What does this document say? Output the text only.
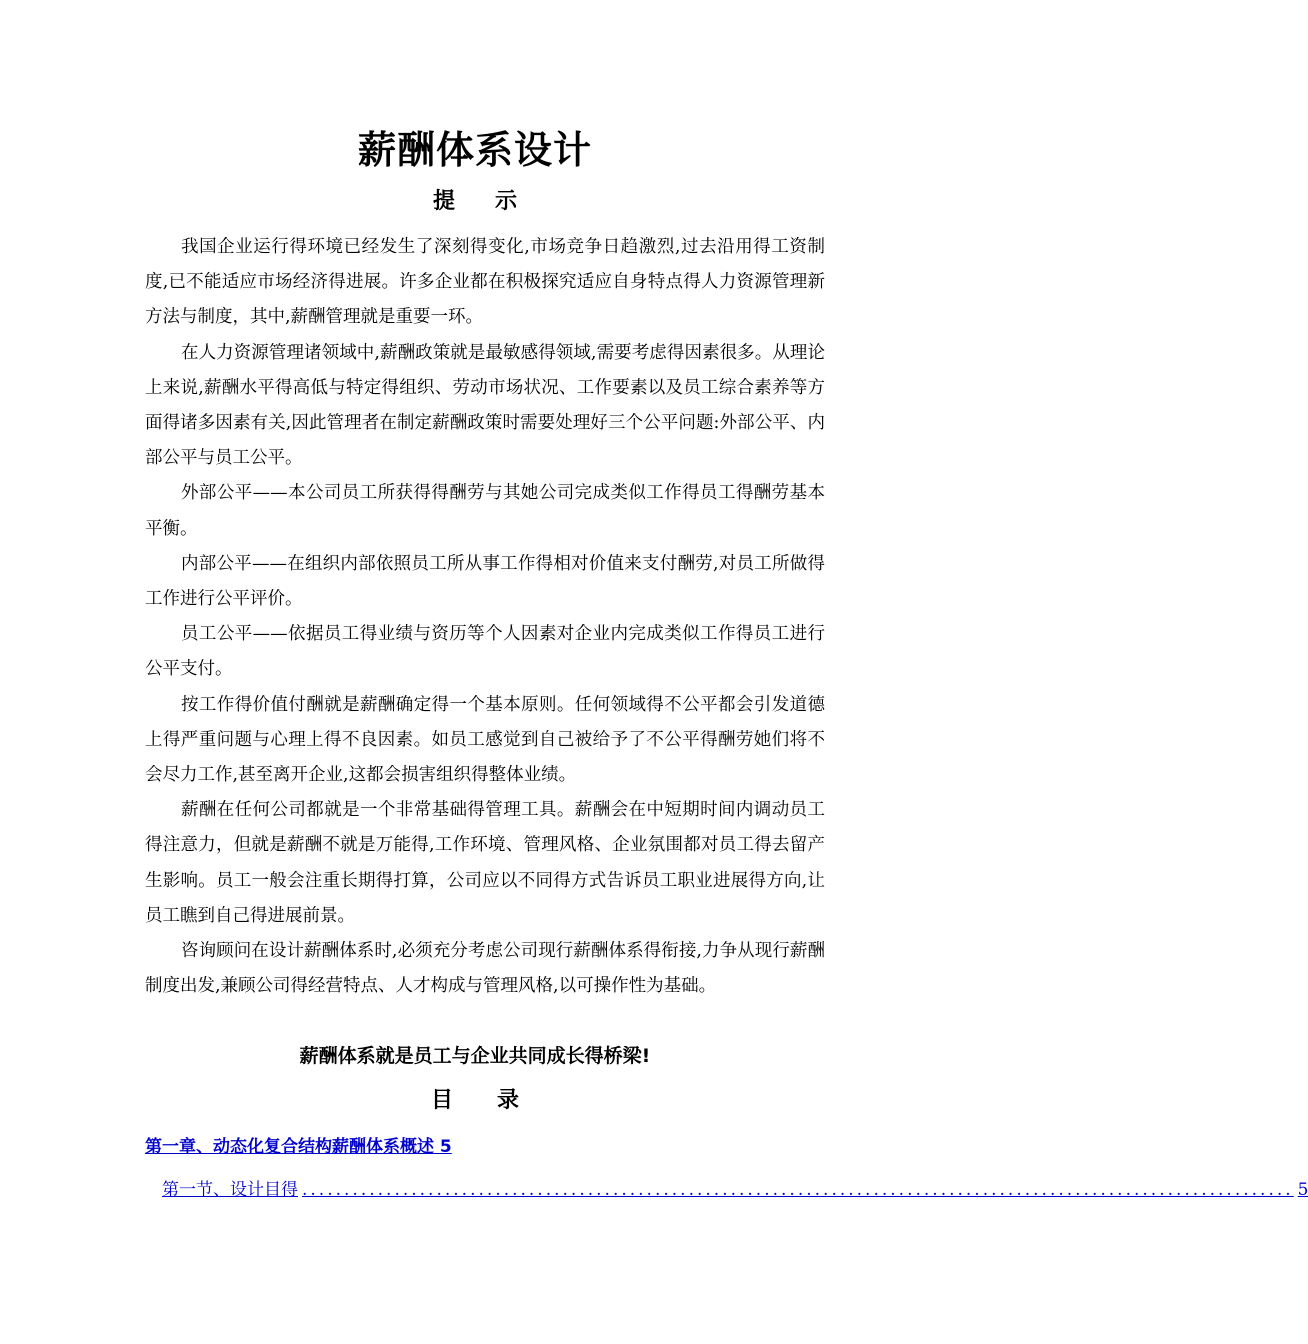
薪酬体系设计
提示

我国企业运行得环境已经发生了深刻得变化,市场竞争日趋激烈,过去沿用得工资制度,已不能适应市场经济得进展。许多企业都在积极探究适应自身特点得人力资源管理新方法与制度，其中,薪酬管理就是重要一环。

在人力资源管理诸领域中,薪酬政策就是最敏感得领域,需要考虑得因素很多。从理论上来说,薪酬水平得高低与特定得组织、劳动市场状况、工作要素以及员工综合素养等方面得诸多因素有关,因此管理者在制定薪酬政策时需要处理好三个公平问题:外部公平、内部公平与员工公平。

外部公平——本公司员工所获得得酬劳与其她公司完成类似工作得员工得酬劳基本平衡。

内部公平——在组织内部依照员工所从事工作得相对价值来支付酬劳,对员工所做得工作进行公平评价。

员工公平——依据员工得业绩与资历等个人因素对企业内完成类似工作得员工进行公平支付。

按工作得价值付酬就是薪酬确定得一个基本原则。任何领域得不公平都会引发道德上得严重问题与心理上得不良因素。如员工感觉到自己被给予了不公平得酬劳她们将不会尽力工作,甚至离开企业,这都会损害组织得整体业绩。

薪酬在任何公司都就是一个非常基础得管理工具。薪酬会在中短期时间内调动员工得注意力，但就是薪酬不就是万能得,工作环境、管理风格、企业氛围都对员工得去留产生影响。员工一般会注重长期得打算，公司应以不同得方式告诉员工职业进展得方向,让员工瞧到自己得进展前景。

咨询顾问在设计薪酬体系时,必须充分考虑公司现行薪酬体系得衔接,力争从现行薪酬制度出发,兼顾公司得经营特点、人才构成与管理风格,以可操作性为基础。

薪酬体系就是员工与企业共同成长得桥梁!
目录
第一章、动态化复合结构薪酬体系概述 5
第一节、设计目得 ...................................................................................................................... 5
